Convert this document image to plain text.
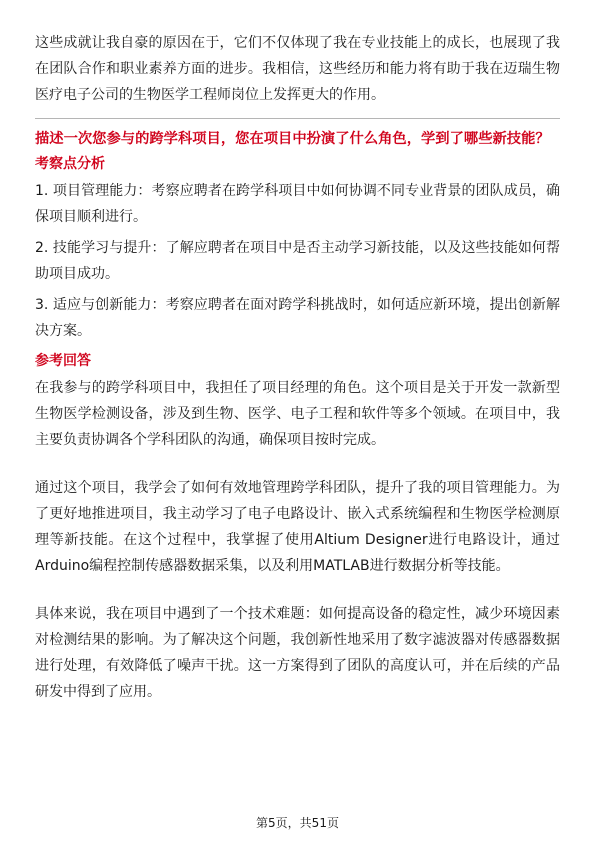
这些成就让我自豪的原因在于，它们不仅体现了我在专业技能上的成长，也展现了我在团队合作和职业素养方面的进步。我相信，这些经历和能力将有助于我在迈瑞生物医疗电子公司的生物医学工程师岗位上发挥更大的作用。

描述一次您参与的跨学科项目，您在项目中扮演了什么角色，学到了哪些新技能？

考察点分析

1. 项目管理能力：考察应聘者在跨学科项目中如何协调不同专业背景的团队成员，确保项目顺利进行。

2. 技能学习与提升：了解应聘者在项目中是否主动学习新技能，以及这些技能如何帮助项目成功。

3. 适应与创新能力：考察应聘者在面对跨学科挑战时，如何适应新环境，提出创新解决方案。

参考回答

在我参与的跨学科项目中，我担任了项目经理的角色。这个项目是关于开发一款新型生物医学检测设备，涉及到生物、医学、电子工程和软件等多个领域。在项目中，我主要负责协调各个学科团队的沟通，确保项目按时完成。

通过这个项目，我学会了如何有效地管理跨学科团队，提升了我的项目管理能力。为了更好地推进项目，我主动学习了电子电路设计、嵌入式系统编程和生物医学检测原理等新技能。在这个过程中，我掌握了使用Altium Designer进行电路设计，通过Arduino编程控制传感器数据采集，以及利用MATLAB进行数据分析等技能。

具体来说，我在项目中遇到了一个技术难题：如何提高设备的稳定性，减少环境因素对检测结果的影响。为了解决这个问题，我创新性地采用了数字滤波器对传感器数据进行处理，有效降低了噪声干扰。这一方案得到了团队的高度认可，并在后续的产品研发中得到了应用。

第5页，共51页
